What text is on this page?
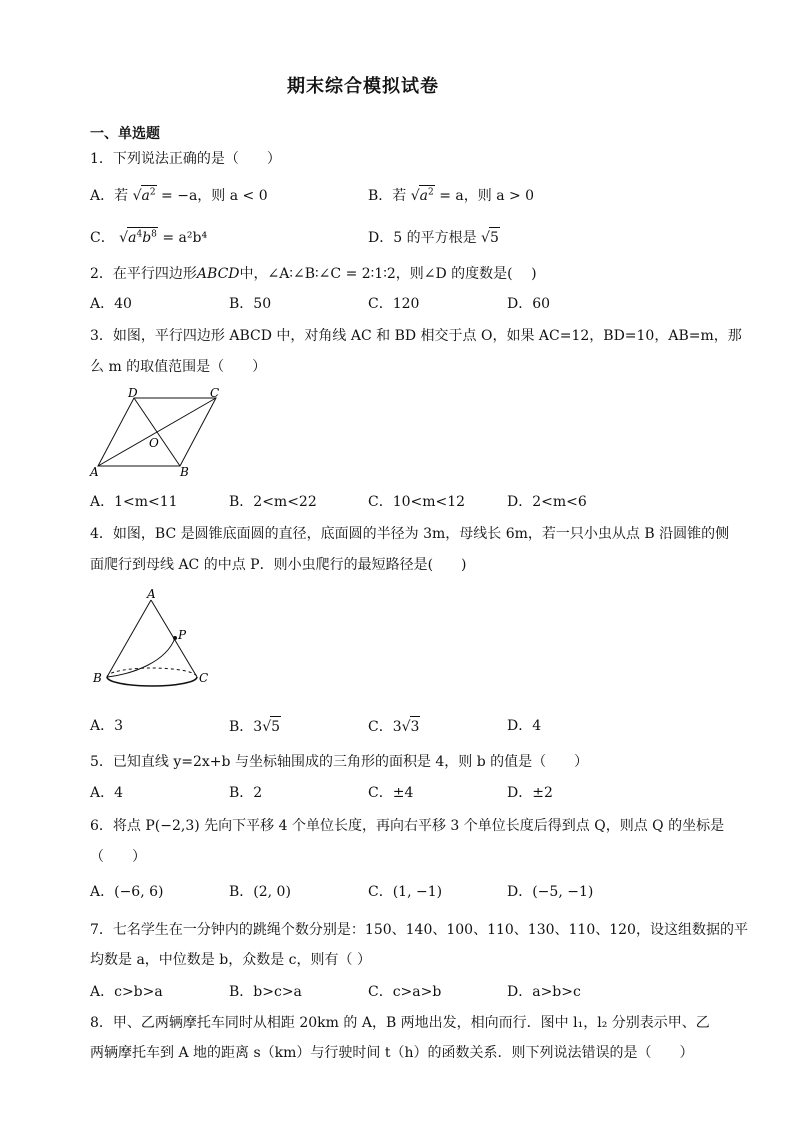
期末综合模拟试卷
一、单选题
1．下列说法正确的是（　　）
A．若 $√a^2 = -a$，则 a < 0	B．若 $√a^2 = a$，则 a > 0
C． $√a^4b^8 = a^2b^4$	D．5 的平方根是 √5
2．在平行四边形ABCD中，∠A∶∠B∶∠C = 2∶1∶2，则∠D 的度数是(　 )
A．40	B．50	C．120	D．60
3．如图，平行四边形 ABCD 中，对角线 AC 和 BD 相交于点 O，如果 AC=12，BD=10，AB=m，那
么 m 的取值范围是（　　）
A	B
C
D
O
A．1<m<11	B．2<m<22	C．10<m<12	D．2<m<6
4．如图，BC 是圆锥底面圆的直径，底面圆的半径为 3m，母线长 6m，若一只小虫从点 B 沿圆锥的侧
面爬行到母线 AC 的中点 P．则小虫爬行的最短路径是(　　)
A
B	C
P
A．3	B．3√5	C．3√3	D．4
5．已知直线 y=2x+b 与坐标轴围成的三角形的面积是 4，则 b 的值是（　　）
A．4	B．2	C．±4	D．±2
6．将点 P(−2,3) 先向下平移 4 个单位长度，再向右平移 3 个单位长度后得到点 Q，则点 Q 的坐标是
（　　）
A．(−6, 6)	B．(2, 0)	C．(1, −1)	D．(−5, −1)
7．七名学生在一分钟内的跳绳个数分别是：150、140、100、110、130、110、120，设这组数据的平
均数是 a，中位数是 b，众数是 c，则有（ ）
A．c>b>a	B．b>c>a	C．c>a>b	D．a>b>c
8．甲、乙两辆摩托车同时从相距 20km 的 A，B 两地出发，相向而行．图中 l₁，l₂ 分别表示甲、乙
两辆摩托车到 A 地的距离 s（km）与行驶时间 t（h）的函数关系．则下列说法错误的是（　　）
